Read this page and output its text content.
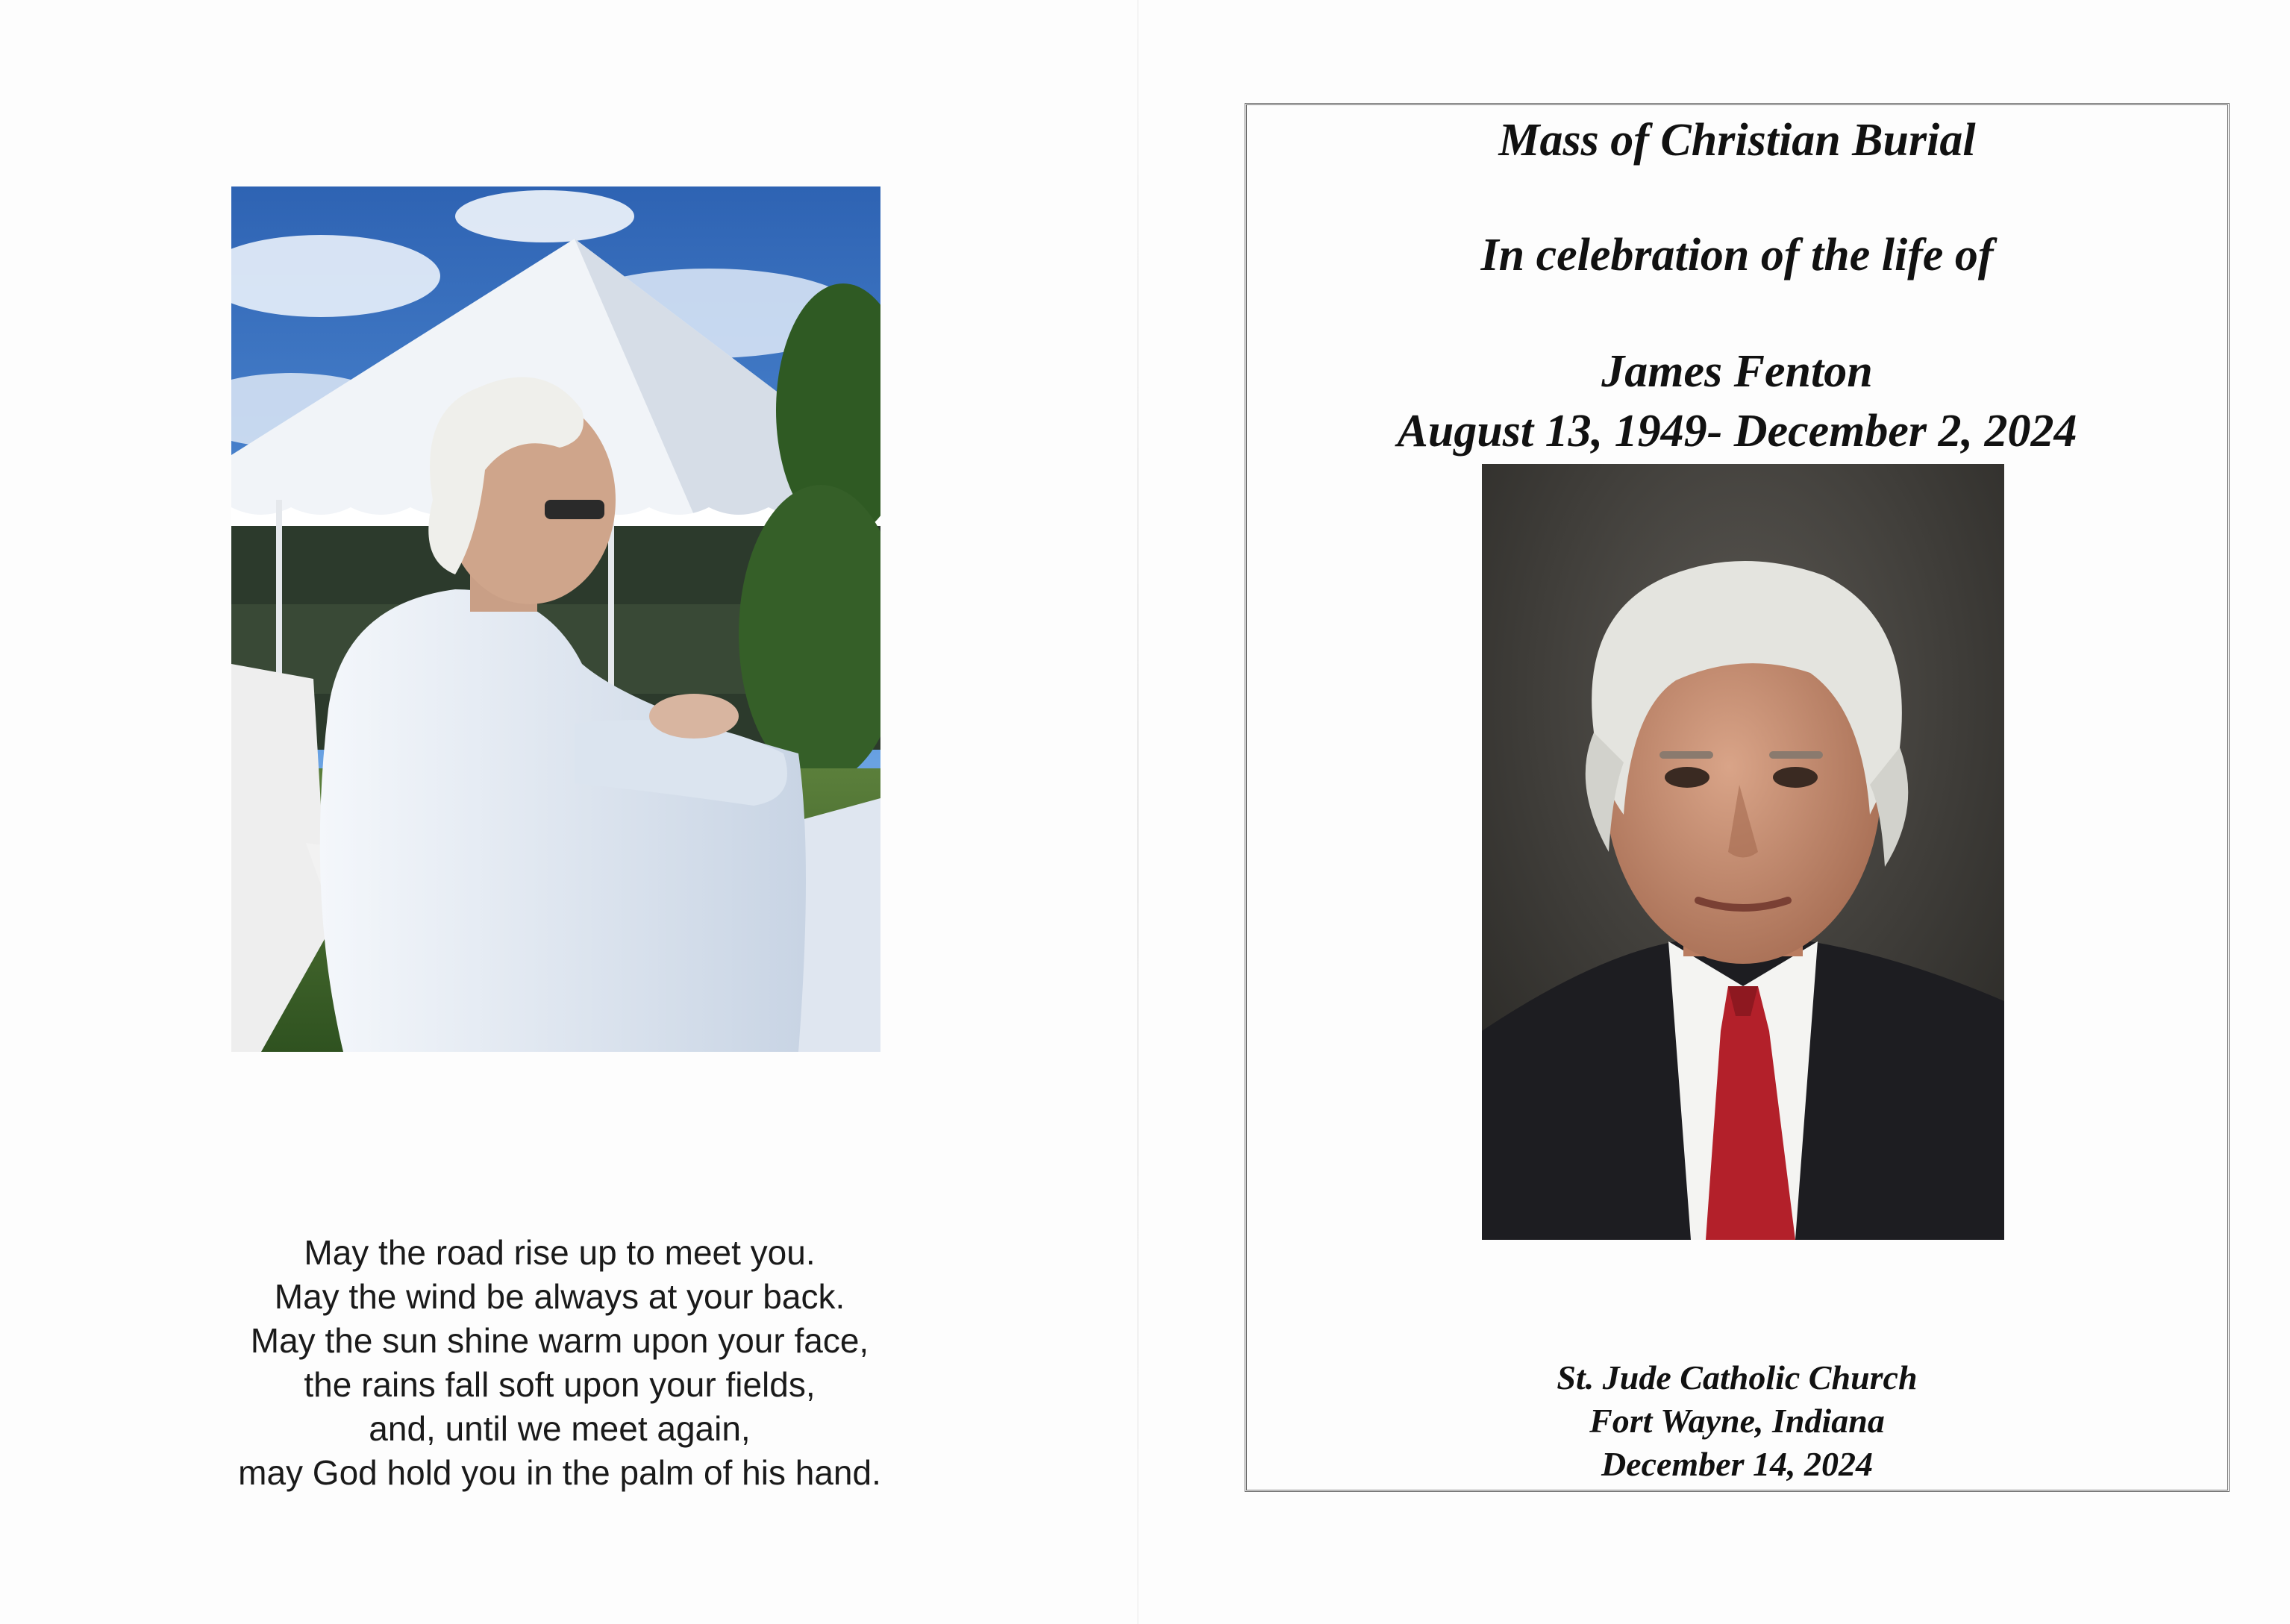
May the road rise up to meet you.
May the wind be always at your back.
May the sun shine warm upon your face,
the rains fall soft upon your fields,
and, until we meet again,
may God hold you in the palm of his hand.
Mass of Christian Burial
In celebration of the life of
James Fenton
August 13, 1949- December 2, 2024
St. Jude Catholic Church
Fort Wayne, Indiana
December 14, 2024
